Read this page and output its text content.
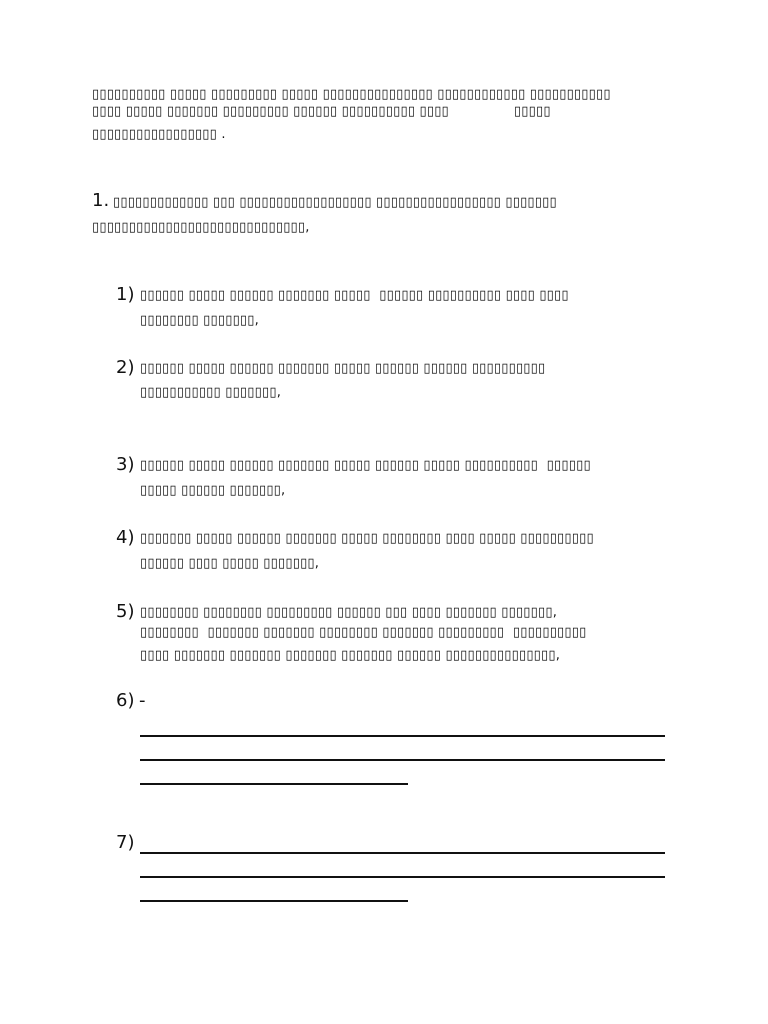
▯▯▯▯▯▯▯▯▯▯ ▯▯▯▯▯ ▯▯▯▯▯▯▯▯▯ ▯▯▯▯▯ ▯▯▯▯▯▯▯▯▯▯▯▯▯▯▯ ▯▯▯▯▯▯▯▯▯▯▯▯ ▯▯▯▯▯▯▯▯▯▯▯
▯▯▯▯ ▯▯▯▯▯ ▯▯▯▯▯▯▯ ▯▯▯▯▯▯▯▯▯ ▯▯▯▯▯▯ ▯▯▯▯▯▯▯▯▯▯ ▯▯▯▯               ▯▯▯▯▯
▯▯▯▯▯▯▯▯▯▯▯▯▯▯▯▯▯ .
1. ▯▯▯▯▯▯▯▯▯▯▯▯▯ ▯▯▯ ▯▯▯▯▯▯▯▯▯▯▯▯▯▯▯▯▯▯ ▯▯▯▯▯▯▯▯▯▯▯▯▯▯▯▯▯ ▯▯▯▯▯▯▯
▯▯▯▯▯▯▯▯▯▯▯▯▯▯▯▯▯▯▯▯▯▯▯▯▯▯▯▯▯,
1) ▯▯▯▯▯▯ ▯▯▯▯▯ ▯▯▯▯▯▯ ▯▯▯▯▯▯▯ ▯▯▯▯▯  ▯▯▯▯▯▯ ▯▯▯▯▯▯▯▯▯▯ ▯▯▯▯ ▯▯▯▯
▯▯▯▯▯▯▯▯ ▯▯▯▯▯▯▯,
2) ▯▯▯▯▯▯ ▯▯▯▯▯ ▯▯▯▯▯▯ ▯▯▯▯▯▯▯ ▯▯▯▯▯ ▯▯▯▯▯▯ ▯▯▯▯▯▯ ▯▯▯▯▯▯▯▯▯▯
▯▯▯▯▯▯▯▯▯▯▯ ▯▯▯▯▯▯▯,
3) ▯▯▯▯▯▯ ▯▯▯▯▯ ▯▯▯▯▯▯ ▯▯▯▯▯▯▯ ▯▯▯▯▯ ▯▯▯▯▯▯ ▯▯▯▯▯ ▯▯▯▯▯▯▯▯▯▯  ▯▯▯▯▯▯
▯▯▯▯▯ ▯▯▯▯▯▯ ▯▯▯▯▯▯▯,
4) ▯▯▯▯▯▯▯ ▯▯▯▯▯ ▯▯▯▯▯▯ ▯▯▯▯▯▯▯ ▯▯▯▯▯ ▯▯▯▯▯▯▯▯ ▯▯▯▯ ▯▯▯▯▯ ▯▯▯▯▯▯▯▯▯▯
▯▯▯▯▯▯ ▯▯▯▯ ▯▯▯▯▯ ▯▯▯▯▯▯▯,
5) ▯▯▯▯▯▯▯▯ ▯▯▯▯▯▯▯▯ ▯▯▯▯▯▯▯▯▯ ▯▯▯▯▯▯ ▯▯▯ ▯▯▯▯ ▯▯▯▯▯▯▯ ▯▯▯▯▯▯▯,
▯▯▯▯▯▯▯▯  ▯▯▯▯▯▯▯ ▯▯▯▯▯▯▯ ▯▯▯▯▯▯▯▯ ▯▯▯▯▯▯▯ ▯▯▯▯▯▯▯▯▯  ▯▯▯▯▯▯▯▯▯▯
▯▯▯▯ ▯▯▯▯▯▯▯ ▯▯▯▯▯▯▯ ▯▯▯▯▯▯▯ ▯▯▯▯▯▯▯ ▯▯▯▯▯▯ ▯▯▯▯▯▯▯▯▯▯▯▯▯▯▯,
6) -
7)
